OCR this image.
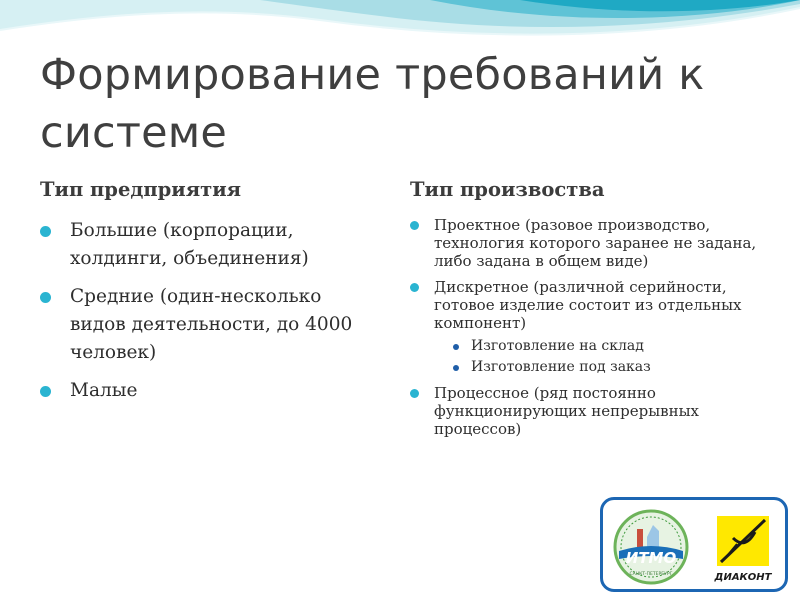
Формирование требований к системе
Тип предприятия
Большие (корпорации, холдинги, объединения)
Средние (один-несколько видов деятельности, до 4000 человек)
Малые
Тип произвоства
Проектное (разовое производство, технология которого заранее не задана, либо задана в общем виде)
Дискретное (различной серийности, готовое изделие состоит из отдельных компонент)
Изготовление на склад
Изготовление под заказ
Процессное (ряд постоянно функционирующих непрерывных процессов)
ИТМО
САНКТ-ПЕТЕРБУРГ	ДИАКОНТ
